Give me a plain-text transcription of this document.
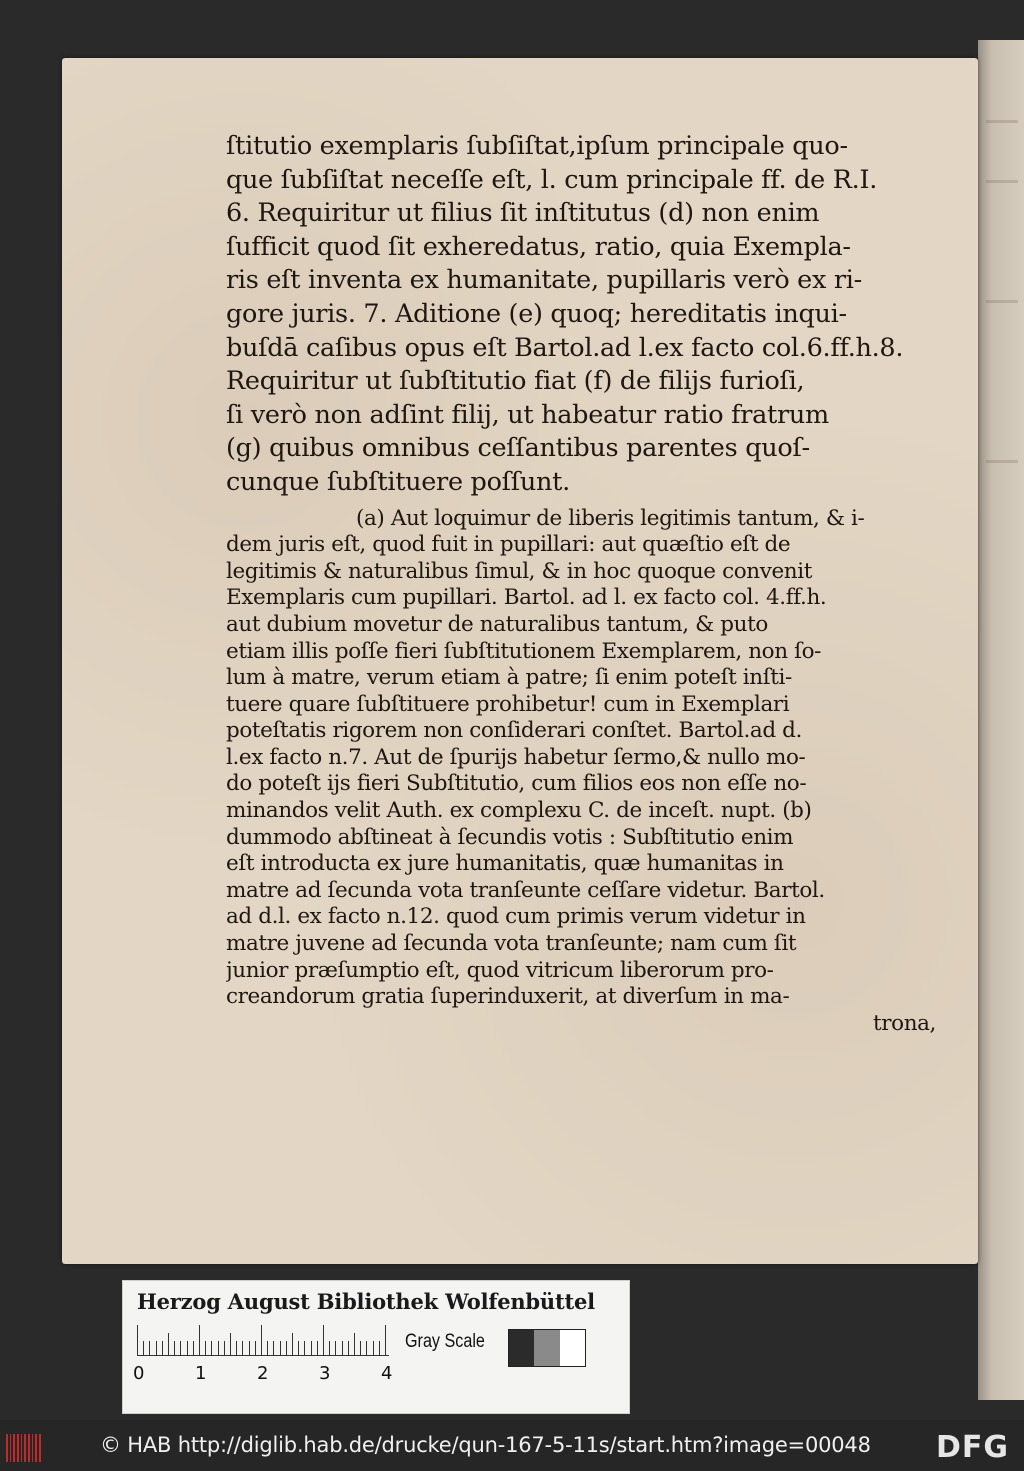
ſtitutio exemplaris ſubſiſtat,ipſum principale quo-
que ſubſiſtat neceſſe eſt, l. cum principale ff. de R.I.
6. Requiritur ut filius ſit inſtitutus (d) non enim
ſufficit quod ſit exheredatus, ratio, quia Exempla-
ris eſt inventa ex humanitate, pupillaris verò ex ri-
gore juris. 7. Aditione (e) quoq; hereditatis inqui-
buſdā caſibus opus eſt Bartol.ad l.ex facto col.6.ff.h.8.
Requiritur ut ſubſtitutio fiat (f) de filijs furioſi,
ſi verò non adſint filij, ut habeatur ratio fratrum
(g) quibus omnibus ceſſantibus parentes quoſ-
cunque ſubſtituere poſſunt.
(a) Aut loquimur de liberis legitimis tantum, & i-
dem juris eſt, quod fuit in pupillari: aut quæſtio eſt de
legitimis & naturalibus ſimul, & in hoc quoque convenit
Exemplaris cum pupillari. Bartol. ad l. ex facto col. 4.ff.h.
aut dubium movetur de naturalibus tantum, & puto
etiam illis poſſe fieri ſubſtitutionem Exemplarem, non ſo-
lum à matre, verum etiam à patre; ſi enim poteſt inſti-
tuere quare ſubſtituere prohibetur! cum in Exemplari
poteſtatis rigorem non conſiderari conſtet. Bartol.ad d.
l.ex facto n.7. Aut de ſpurijs habetur ſermo,& nullo mo-
do poteſt ijs fieri Subſtitutio, cum filios eos non eſſe no-
minandos velit Auth. ex complexu C. de inceſt. nupt. (b)
dummodo abſtineat à ſecundis votis : Subſtitutio enim
eſt introducta ex jure humanitatis, quæ humanitas in
matre ad ſecunda vota tranſeunte ceſſare videtur. Bartol.
ad d.l. ex facto n.12. quod cum primis verum videtur in
matre juvene ad ſecunda vota tranſeunte; nam cum ſit
junior præſumptio eſt, quod vitricum liberorum pro-
creandorum gratia ſuperinduxerit, at diverſum in ma-
trona,
Herzog August Bibliothek Wolfenbüttel
0	1	2	3	4
Gray Scale
© HAB http://diglib.hab.de/drucke/qun-167-5-11s/start.htm?image=00048 DFG
